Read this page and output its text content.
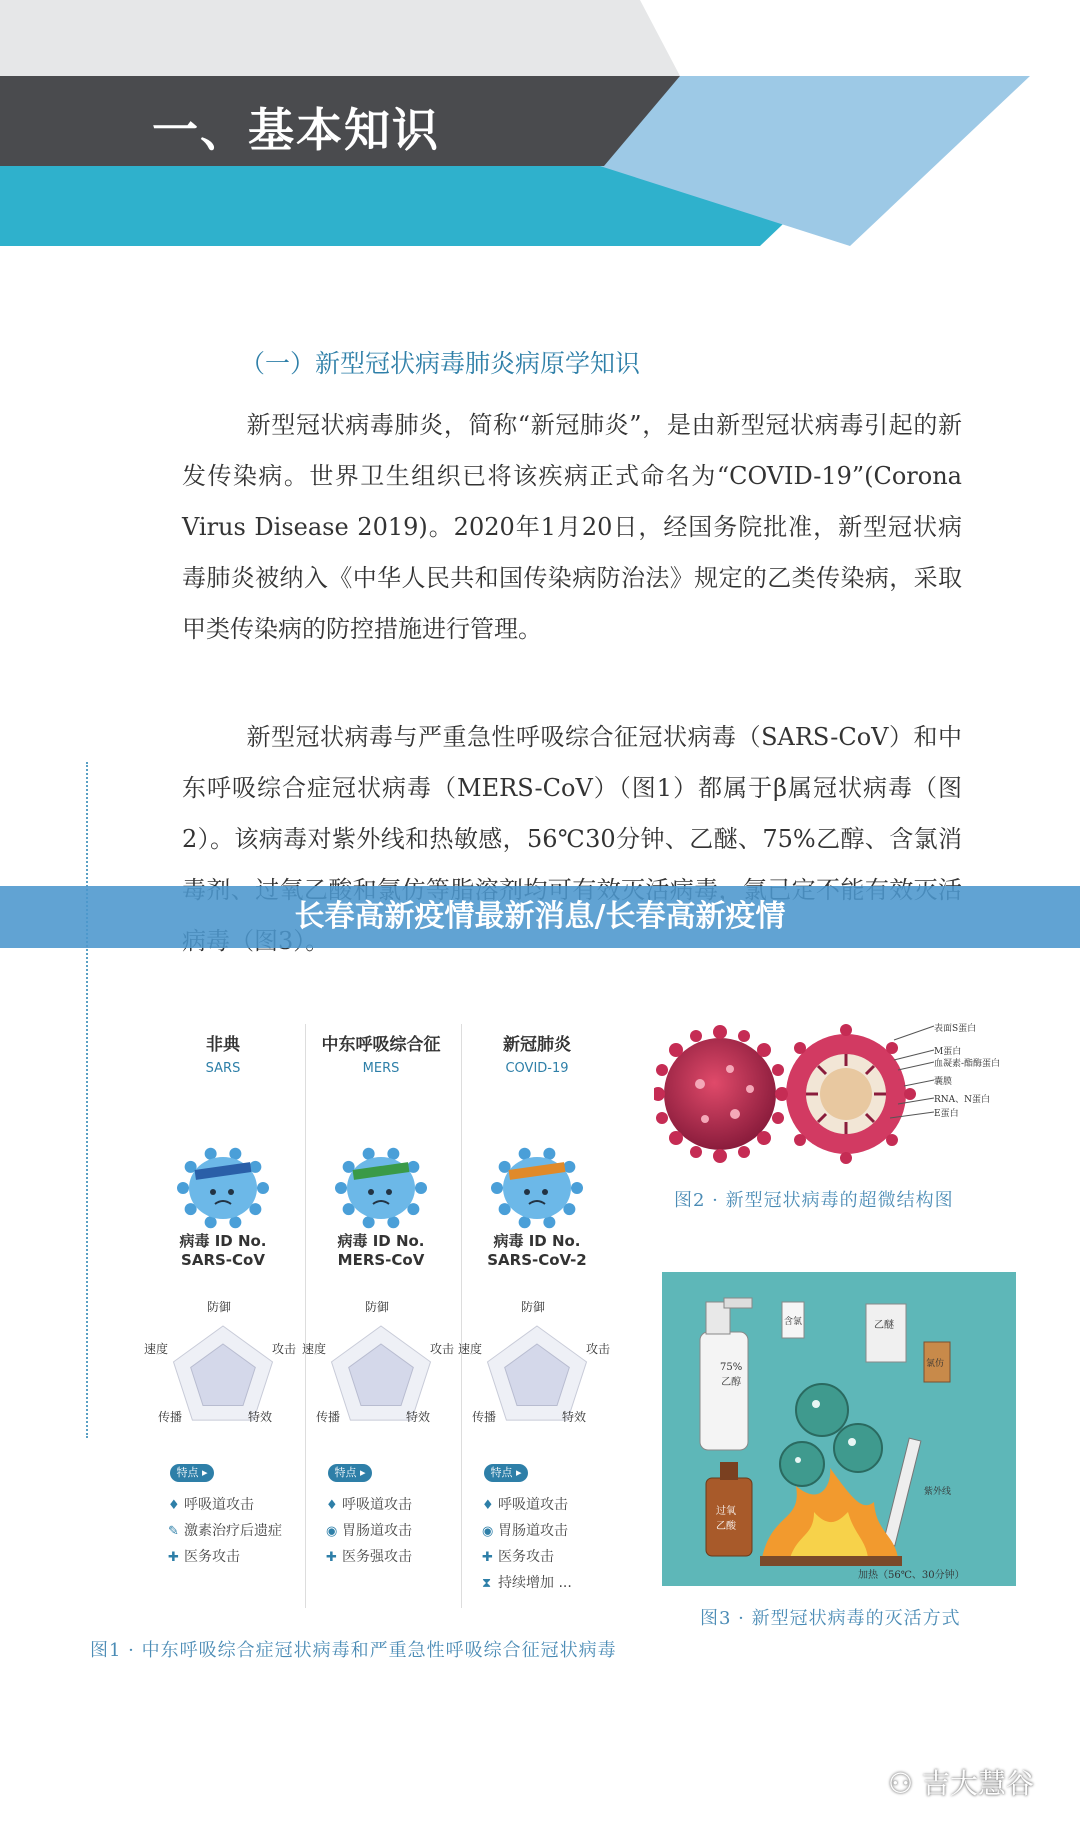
一、基本知识
（一）新型冠状病毒肺炎病原学知识

新型冠状病毒肺炎，简称“新冠肺炎”，是由新型冠状病毒引起的新发传染病。世界卫生组织已将该疾病正式命名为“COVID-19”(Corona Virus Disease 2019)。2020年1月20日，经国务院批准，新型冠状病毒肺炎被纳入《中华人民共和国传染病防治法》规定的乙类传染病，采取甲类传染病的防控措施进行管理。

新型冠状病毒与严重急性呼吸综合征冠状病毒（SARS-CoV）和中东呼吸综合症冠状病毒（MERS-CoV）（图1）都属于β属冠状病毒（图2）。该病毒对紫外线和热敏感，56℃30分钟、乙醚、75%乙醇、含氯消

图1 · 中东呼吸综合症冠状病毒和严重急性呼吸综合征冠状病毒
表面S蛋白
M蛋白
血凝素-酯酶蛋白
囊膜
RNA、N蛋白
E蛋白
图2 · 新型冠状病毒的超微结构图
75%
乙醇
乙醚
含氯
氯仿
过氧
乙酸
紫外线
加热（56℃、30分钟）
图3 · 新型冠状病毒的灭活方式
长春高新疫情最新消息/长春高新疫情
⚇ 吉大慧谷
非典
SARS
病毒 ID No.
SARS-CoV
防御
速度	攻击
传播	特效
特点 ▸
♦ 呼吸道攻击
✎ 激素治疗后遗症
✚ 医务攻击
中东呼吸综合征
MERS
病毒 ID No.
MERS-CoV
防御
速度	攻击
传播	特效
特点 ▸
♦ 呼吸道攻击
◉ 胃肠道攻击
✚ 医务强攻击
新冠肺炎
COVID-19
病毒 ID No.
SARS-CoV-2
防御
速度	攻击
传播	特效
特点 ▸
♦ 呼吸道攻击
◉ 胃肠道攻击
✚ 医务攻击
⧗ 持续增加 ...
